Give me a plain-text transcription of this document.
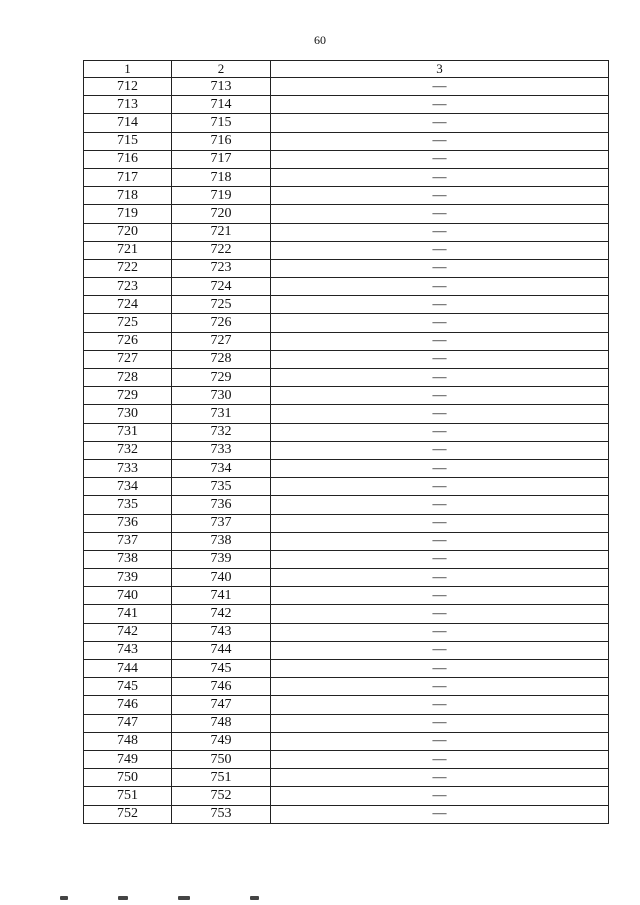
60
1	2	3
712	713	—
713	714	—
714	715	—
715	716	—
716	717	—
717	718	—
718	719	—
719	720	—
720	721	—
721	722	—
722	723	—
723	724	—
724	725	—
725	726	—
726	727	—
727	728	—
728	729	—
729	730	—
730	731	—
731	732	—
732	733	—
733	734	—
734	735	—
735	736	—
736	737	—
737	738	—
738	739	—
739	740	—
740	741	—
741	742	—
742	743	—
743	744	—
744	745	—
745	746	—
746	747	—
747	748	—
748	749	—
749	750	—
750	751	—
751	752	—
752	753	—
